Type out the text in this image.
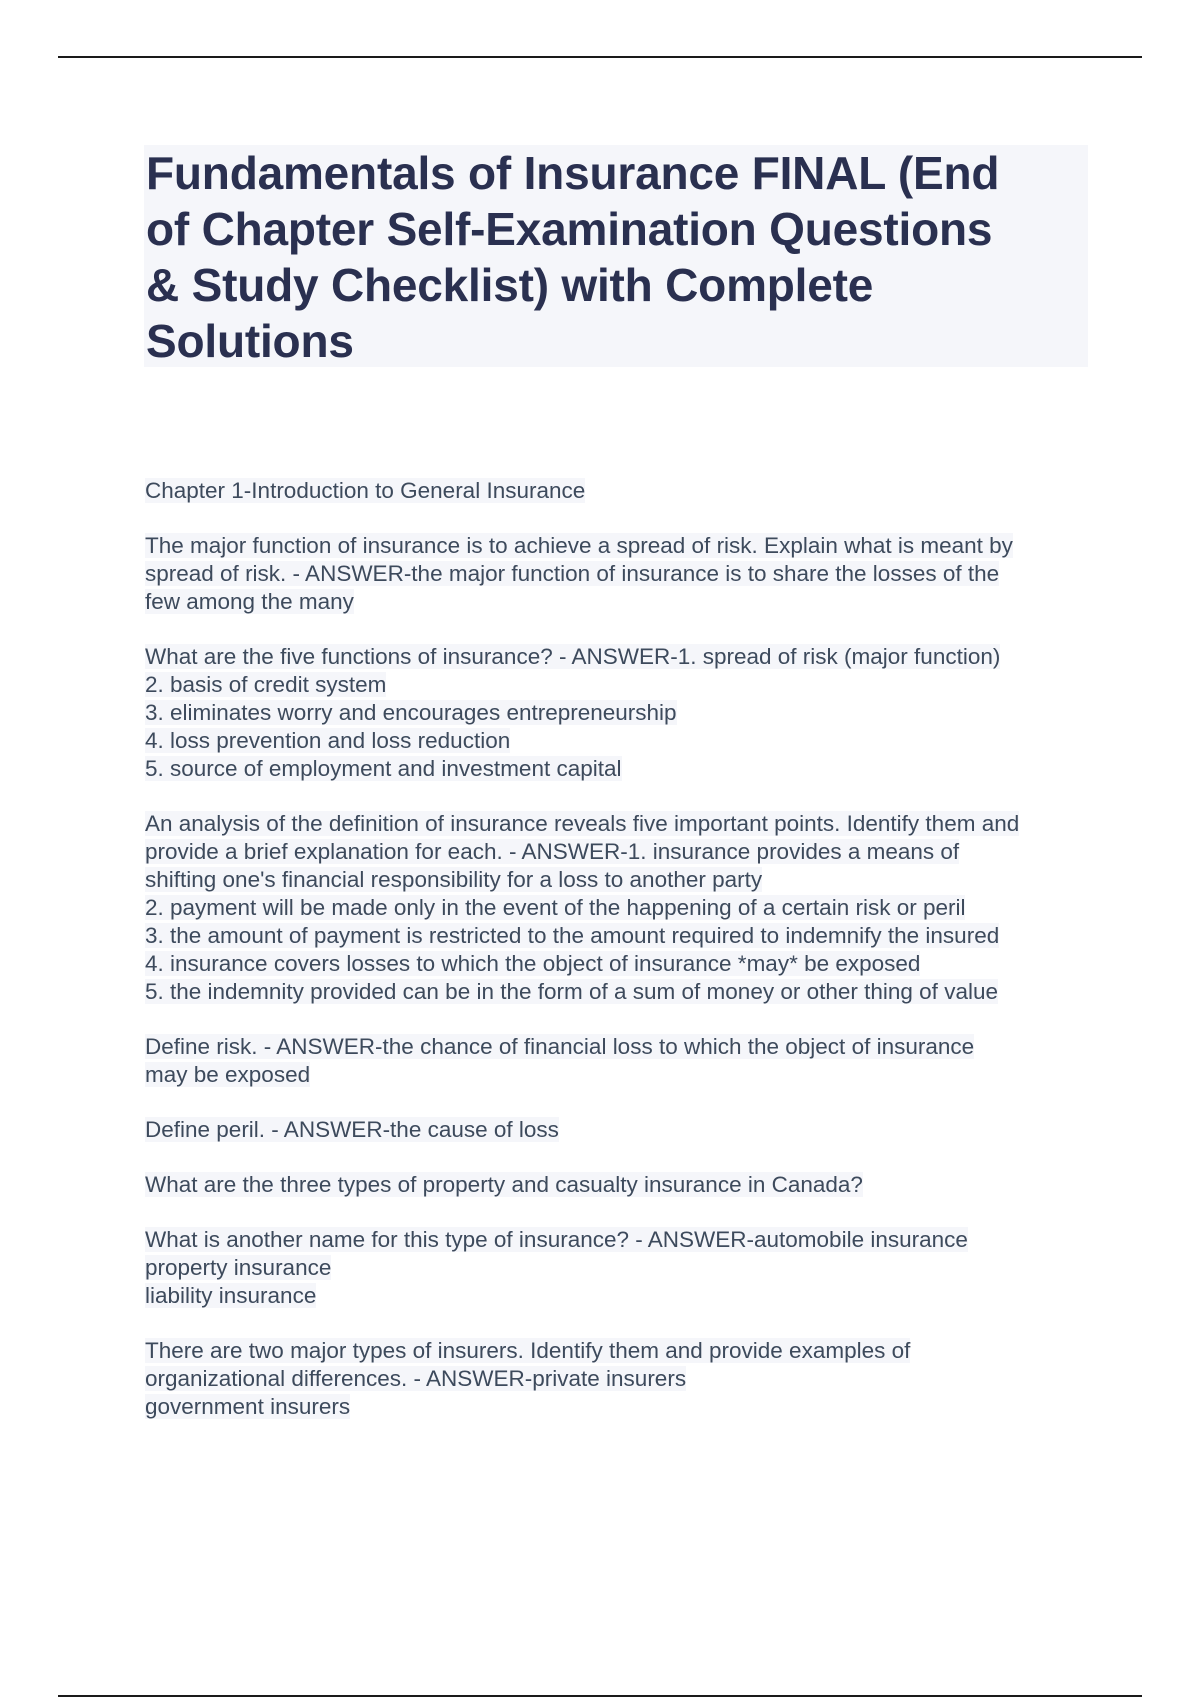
Fundamentals of Insurance FINAL (End
of Chapter Self-Examination Questions
& Study Checklist) with Complete
Solutions
Chapter 1-Introduction to General Insurance
The major function of insurance is to achieve a spread of risk. Explain what is meant by
spread of risk. - ANSWER-the major function of insurance is to share the losses of the
few among the many
What are the five functions of insurance? - ANSWER-1. spread of risk (major function)
2. basis of credit system
3. eliminates worry and encourages entrepreneurship
4. loss prevention and loss reduction
5. source of employment and investment capital
An analysis of the definition of insurance reveals five important points. Identify them and
provide a brief explanation for each. - ANSWER-1. insurance provides a means of
shifting one's financial responsibility for a loss to another party
2. payment will be made only in the event of the happening of a certain risk or peril
3. the amount of payment is restricted to the amount required to indemnify the insured
4. insurance covers losses to which the object of insurance *may* be exposed
5. the indemnity provided can be in the form of a sum of money or other thing of value
Define risk. - ANSWER-the chance of financial loss to which the object of insurance
may be exposed
Define peril. - ANSWER-the cause of loss
What are the three types of property and casualty insurance in Canada?
What is another name for this type of insurance? - ANSWER-automobile insurance
property insurance
liability insurance
There are two major types of insurers. Identify them and provide examples of
organizational differences. - ANSWER-private insurers
government insurers
